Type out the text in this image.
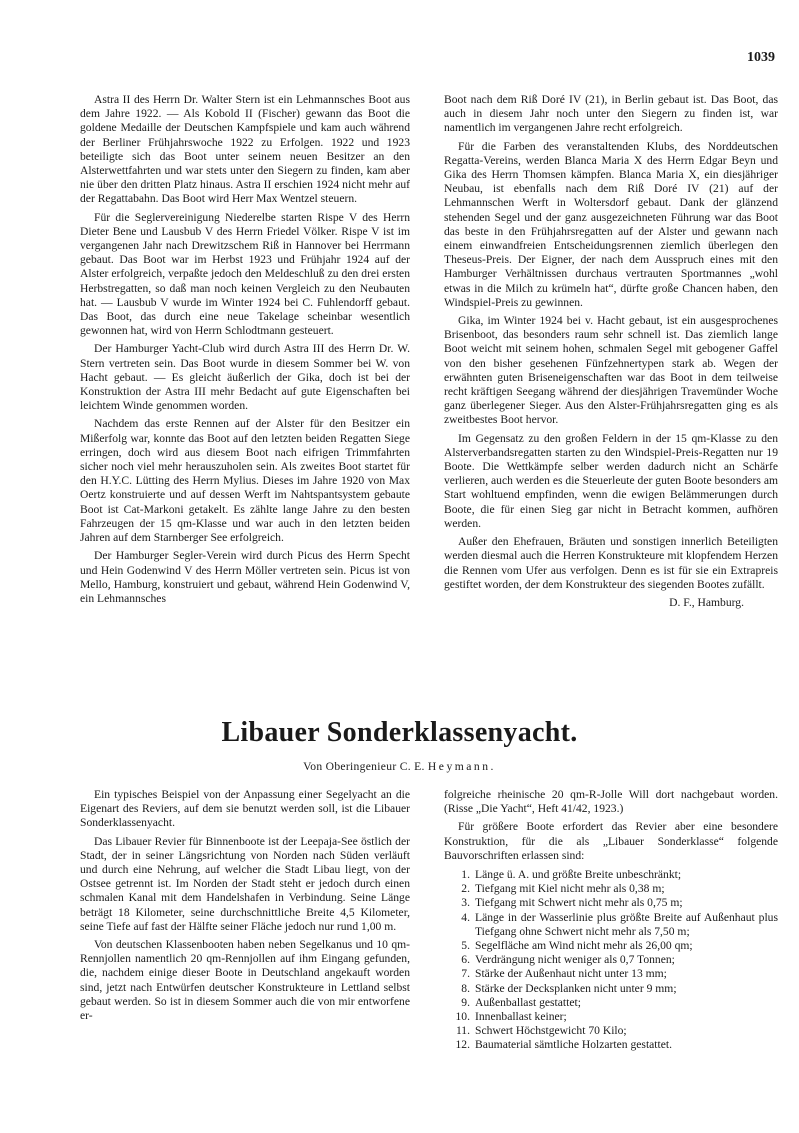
1039

Astra II des Herrn Dr. Walter Stern ist ein Lehmannsches Boot aus dem Jahre 1922. — Als Kobold II (Fischer) gewann das Boot die goldene Medaille der Deutschen Kampfspiele und kam auch während der Berliner Frühjahrswoche 1922 zu Erfolgen. 1922 und 1923 beteiligte sich das Boot unter seinem neuen Besitzer an den Alsterwettfahrten und war stets unter den Siegern zu finden, kam aber nie über den dritten Platz hinaus. Astra II erschien 1924 nicht mehr auf der Regattabahn. Das Boot wird Herr Max Wentzel steuern.

Für die Seglervereinigung Niederelbe starten Rispe V des Herrn Dieter Bene und Lausbub V des Herrn Friedel Völker. Rispe V ist im vergangenen Jahr nach Drewitzschem Riß in Hannover bei Herrmann gebaut. Das Boot war im Herbst 1923 und Frühjahr 1924 auf der Alster erfolgreich, verpaßte jedoch den Meldeschluß zu den drei ersten Herbstregatten, so daß man noch keinen Vergleich zu den Neubauten hat. — Lausbub V wurde im Winter 1924 bei C. Fuhlendorff gebaut. Das Boot, das durch eine neue Takelage scheinbar wesentlich gewonnen hat, wird von Herrn Schlodtmann gesteuert.

Der Hamburger Yacht-Club wird durch Astra III des Herrn Dr. W. Stern vertreten sein. Das Boot wurde in diesem Sommer bei W. von Hacht gebaut. — Es gleicht äußerlich der Gika, doch ist bei der Konstruktion der Astra III mehr Bedacht auf gute Eigenschaften bei leichtem Winde genommen worden.

Nachdem das erste Rennen auf der Alster für den Besitzer ein Mißerfolg war, konnte das Boot auf den letzten beiden Regatten Siege erringen, doch wird aus diesem Boot nach eifrigen Trimmfahrten sicher noch viel mehr herauszuholen sein. Als zweites Boot startet für den H.Y.C. Lütting des Herrn Mylius. Dieses im Jahre 1920 von Max Oertz konstruierte und auf dessen Werft im Nahtspantsystem gebaute Boot ist Cat-Markoni getakelt. Es zählte lange Jahre zu den besten Fahrzeugen der 15 qm-Klasse und war auch in den letzten beiden Jahren auf dem Starnberger See erfolgreich.

Der Hamburger Segler-Verein wird durch Picus des Herrn Specht und Hein Godenwind V des Herrn Möller vertreten sein. Picus ist von Mello, Hamburg, konstruiert und gebaut, während Hein Godenwind V, ein Lehmannsches

Boot nach dem Riß Doré IV (21), in Berlin gebaut ist. Das Boot, das auch in diesem Jahr noch unter den Siegern zu finden ist, war namentlich im vergangenen Jahre recht erfolgreich.

Für die Farben des veranstaltenden Klubs, des Norddeutschen Regatta-Vereins, werden Blanca Maria X des Herrn Edgar Beyn und Gika des Herrn Thomsen kämpfen. Blanca Maria X, ein diesjähriger Neubau, ist ebenfalls nach dem Riß Doré IV (21) auf der Lehmannschen Werft in Woltersdorf gebaut. Dank der glänzend stehenden Segel und der ganz ausgezeichneten Führung war das Boot das beste in den Frühjahrsregatten auf der Alster und gewann nach einem einwandfreien Entscheidungsrennen ziemlich überlegen den Theseus-Preis. Der Eigner, der nach dem Ausspruch eines mit den Hamburger Verhältnissen durchaus vertrauten Sportmannes „wohl etwas in die Milch zu krümeln hat“, dürfte große Chancen haben, den Windspiel-Preis zu gewinnen.

Gika, im Winter 1924 bei v. Hacht gebaut, ist ein ausgesprochenes Brisenboot, das besonders raum sehr schnell ist. Das ziemlich lange Boot weicht mit seinem hohen, schmalen Segel mit gebogener Gaffel von den bisher gesehenen Fünfzehnertypen stark ab. Wegen der erwähnten guten Briseneigenschaften war das Boot in dem teilweise recht kräftigen Seegang während der diesjährigen Travemünder Woche ganz überlegener Sieger. Aus den Alster-Frühjahrsregatten ging es als zweitbestes Boot hervor.

Im Gegensatz zu den großen Feldern in der 15 qm-Klasse zu den Alsterverbandsregatten starten zu den Windspiel-Preis-Regatten nur 19 Boote. Die Wettkämpfe selber werden dadurch nicht an Schärfe verlieren, auch werden es die Steuerleute der guten Boote besonders am Start wohltuend empfinden, wenn die ewigen Belämmerungen durch Boote, die für einen Sieg gar nicht in Betracht kommen, aufhören werden.

Außer den Ehefrauen, Bräuten und sonstigen innerlich Beteiligten werden diesmal auch die Herren Konstrukteure mit klopfendem Herzen die Rennen vom Ufer aus verfolgen. Denn es ist für sie ein Extrapreis gestiftet worden, der dem Konstrukteur des siegenden Bootes zufällt.

D. F., Hamburg.

Libauer Sonderklassenyacht.
Von Oberingenieur C. E. Heymann.

Ein typisches Beispiel von der Anpassung einer Segelyacht an die Eigenart des Reviers, auf dem sie benutzt werden soll, ist die Libauer Sonderklassenyacht.

Das Libauer Revier für Binnenboote ist der Leepaja-See östlich der Stadt, der in seiner Längsrichtung von Norden nach Süden verläuft und durch eine Nehrung, auf welcher die Stadt Libau liegt, von der Ostsee getrennt ist. Im Norden der Stadt steht er jedoch durch einen schmalen Kanal mit dem Handelshafen in Verbindung. Seine Länge beträgt 18 Kilometer, seine durchschnittliche Breite 4,5 Kilometer, seine Tiefe auf fast der Hälfte seiner Fläche jedoch nur rund 1,00 m.

Von deutschen Klassenbooten haben neben Segelkanus und 10 qm-Rennjollen namentlich 20 qm-Rennjollen auf ihm Eingang gefunden, die, nachdem einige dieser Boote in Deutschland angekauft worden sind, jetzt nach Entwürfen deutscher Konstrukteure in Lettland selbst gebaut werden. So ist in diesem Sommer auch die von mir entworfene er-

folgreiche rheinische 20 qm-R-Jolle Will dort nachgebaut worden. (Risse „Die Yacht“, Heft 41/42, 1923.)

Für größere Boote erfordert das Revier aber eine besondere Konstruktion, für die als „Libauer Sonderklasse“ folgende Bauvorschriften erlassen sind:

1. Länge ü. A. und größte Breite unbeschränkt;
2. Tiefgang mit Kiel nicht mehr als 0,38 m;
3. Tiefgang mit Schwert nicht mehr als 0,75 m;
4. Länge in der Wasserlinie plus größte Breite auf Außenhaut plus Tiefgang ohne Schwert nicht mehr als 7,50 m;
5. Segelfläche am Wind nicht mehr als 26,00 qm;
6. Verdrängung nicht weniger als 0,7 Tonnen;
7. Stärke der Außenhaut nicht unter 13 mm;
8. Stärke der Decksplanken nicht unter 9 mm;
9. Außenballast gestattet;
10. Innenballast keiner;
11. Schwert Höchstgewicht 70 Kilo;
12. Baumaterial sämtliche Holzarten gestattet.
